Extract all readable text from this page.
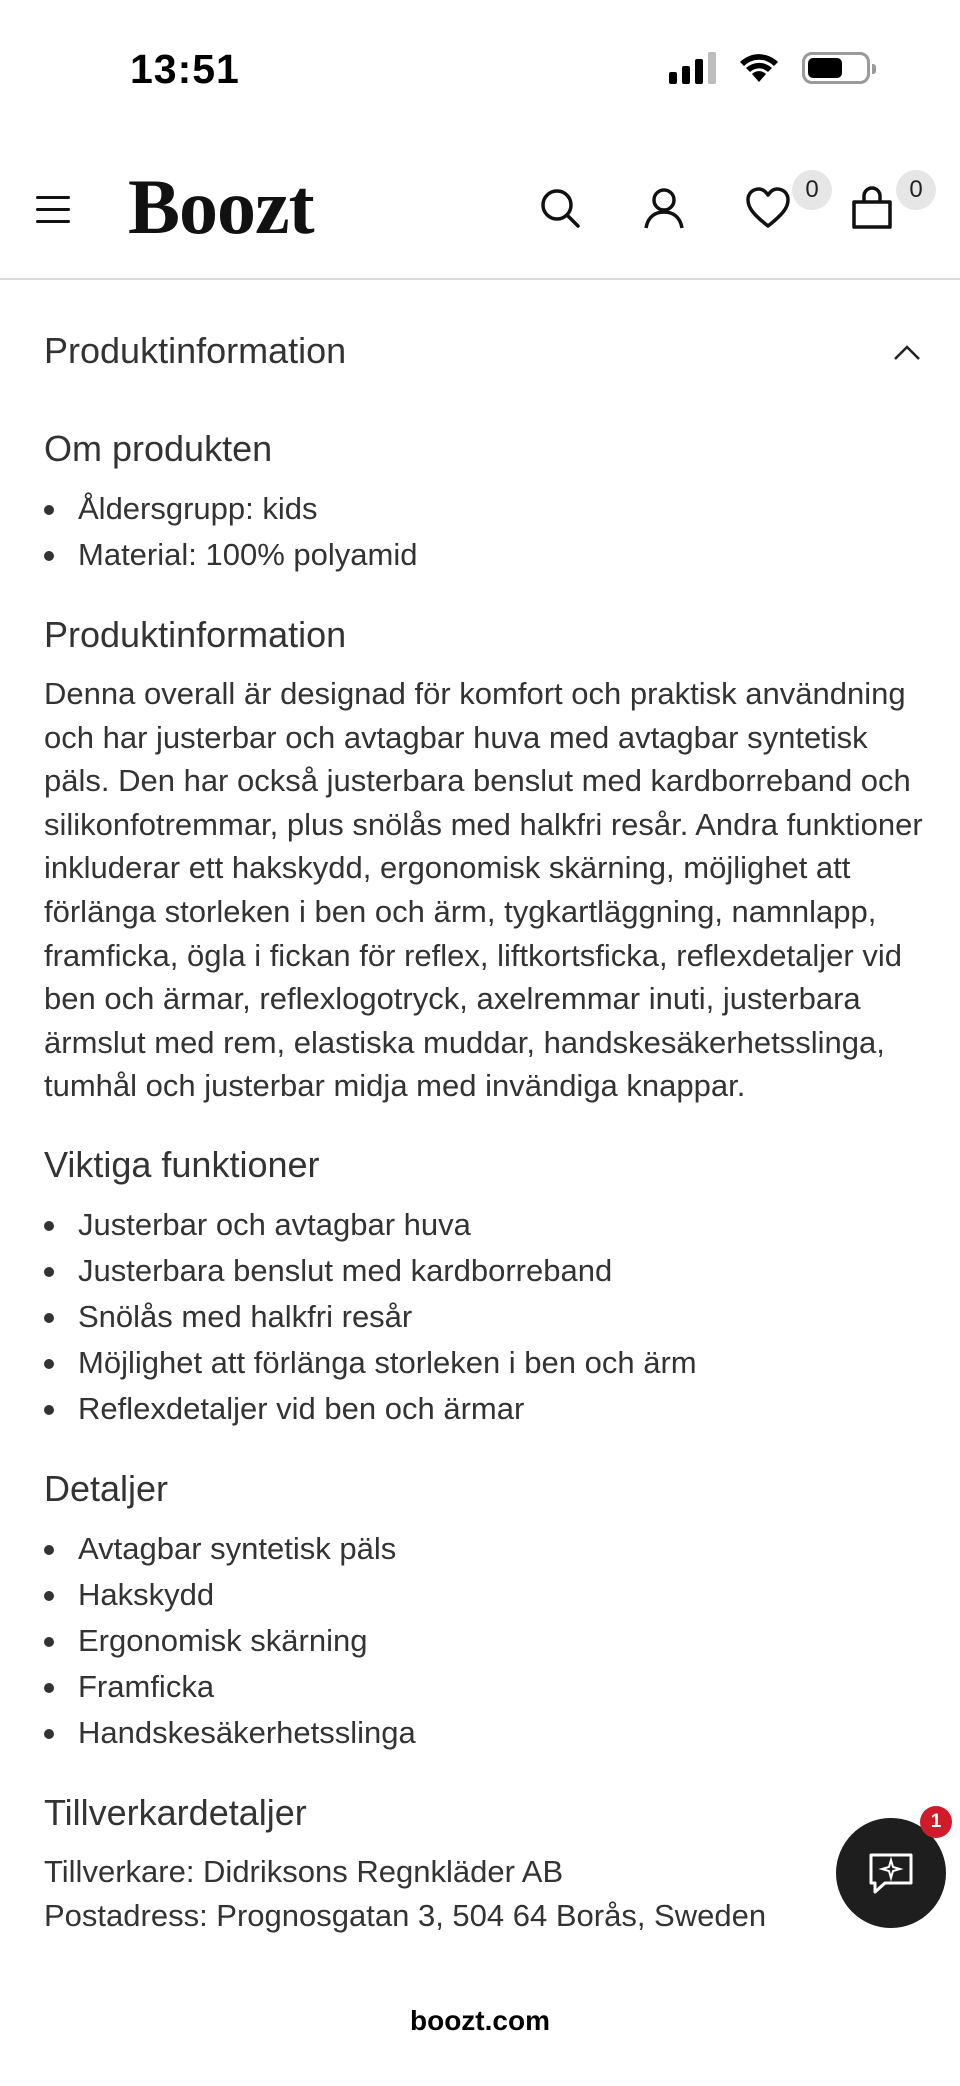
13:51
Boozt	0	0
Produktinformation
Om produkten
Åldersgrupp: kids
Material: 100% polyamid
Produktinformation

Denna overall är designad för komfort och praktisk användning och har justerbar och avtagbar huva med avtagbar syntetisk päls. Den har också justerbara benslut med kardborreband och silikonfotremmar, plus snölås med halkfri resår. Andra funktioner inkluderar ett hakskydd, ergonomisk skärning, möjlighet att förlänga storleken i ben och ärm, tygkartläggning, namnlapp, framficka, ögla i fickan för reflex, liftkortsficka, reflexdetaljer vid ben och ärmar, reflexlogotryck, axelremmar inuti, justerbara ärmslut med rem, elastiska muddar, handskesäkerhetsslinga, tumhål och justerbar midja med invändiga knappar.

Viktiga funktioner
Justerbar och avtagbar huva
Justerbara benslut med kardborreband
Snölås med halkfri resår
Möjlighet att förlänga storleken i ben och ärm
Reflexdetaljer vid ben och ärmar
Detaljer
Avtagbar syntetisk päls
Hakskydd
Ergonomisk skärning
Framficka
Handskesäkerhetsslinga
Tillverkardetaljer

Tillverkare: Didriksons Regnkläder AB

Postadress: Prognosgatan 3, 504 64 Borås, Sweden

1
boozt.com
